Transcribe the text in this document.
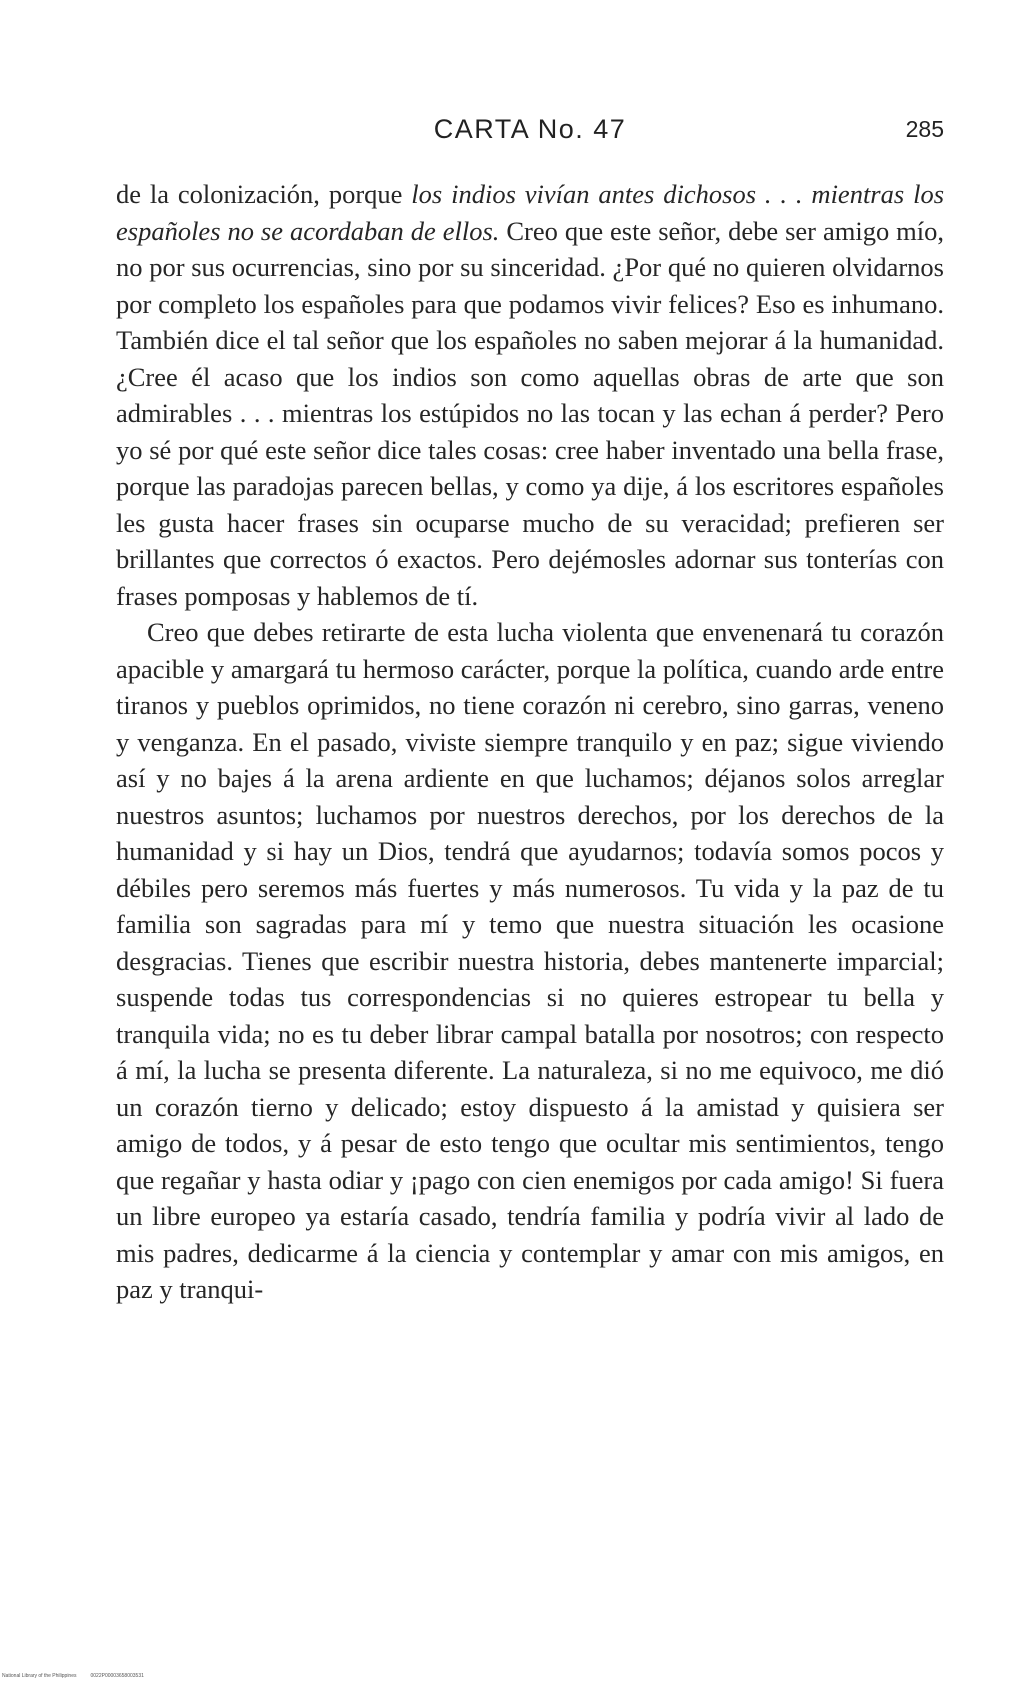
CARTA No. 47	285

de la colonización, porque los indios vivían antes dichosos . . . mientras los españoles no se acordaban de ellos. Creo que este señor, debe ser amigo mío, no por sus ocurrencias, sino por su sinceridad. ¿Por qué no quieren olvidarnos por completo los españoles para que podamos vivir felices? Eso es inhumano. También dice el tal señor que los españoles no saben mejorar á la humanidad. ¿Cree él acaso que los indios son como aquellas obras de arte que son admirables . . . mientras los estúpidos no las tocan y las echan á perder? Pero yo sé por qué este señor dice tales cosas: cree haber inventado una bella frase, porque las paradojas parecen bellas, y como ya dije, á los escritores españoles les gusta hacer frases sin ocuparse mucho de su veracidad; prefieren ser brillantes que correctos ó exactos. Pero dejémosles adornar sus tonterías con frases pomposas y hablemos de tí.

Creo que debes retirarte de esta lucha violenta que envenenará tu corazón apacible y amargará tu hermoso carácter, porque la política, cuando arde entre tiranos y pueblos oprimidos, no tiene corazón ni cerebro, sino garras, veneno y venganza. En el pasado, viviste siempre tranquilo y en paz; sigue viviendo así y no bajes á la arena ardiente en que luchamos; déjanos solos arreglar nuestros asuntos; luchamos por nuestros derechos, por los derechos de la humanidad y si hay un Dios, tendrá que ayudarnos; todavía somos pocos y débiles pero seremos más fuertes y más numerosos. Tu vida y la paz de tu familia son sagradas para mí y temo que nuestra situación les ocasione desgracias. Tienes que escribir nuestra historia, debes mantenerte imparcial; suspende todas tus correspondencias si no quieres estropear tu bella y tranquila vida; no es tu deber librar campal batalla por nosotros; con respecto á mí, la lucha se presenta diferente. La naturaleza, si no me equivoco, me dió un corazón tierno y delicado; estoy dispuesto á la amistad y quisiera ser amigo de todos, y á pesar de esto tengo que ocultar mis sentimientos, tengo que regañar y hasta odiar y ¡pago con cien enemigos por cada amigo! Si fuera un libre europeo ya estaría casado, tendría familia y podría vivir al lado de mis padres, dedicarme á la ciencia y contemplar y amar con mis amigos, en paz y tranqui-

National Library of the Philippines	0022P00003658003531
